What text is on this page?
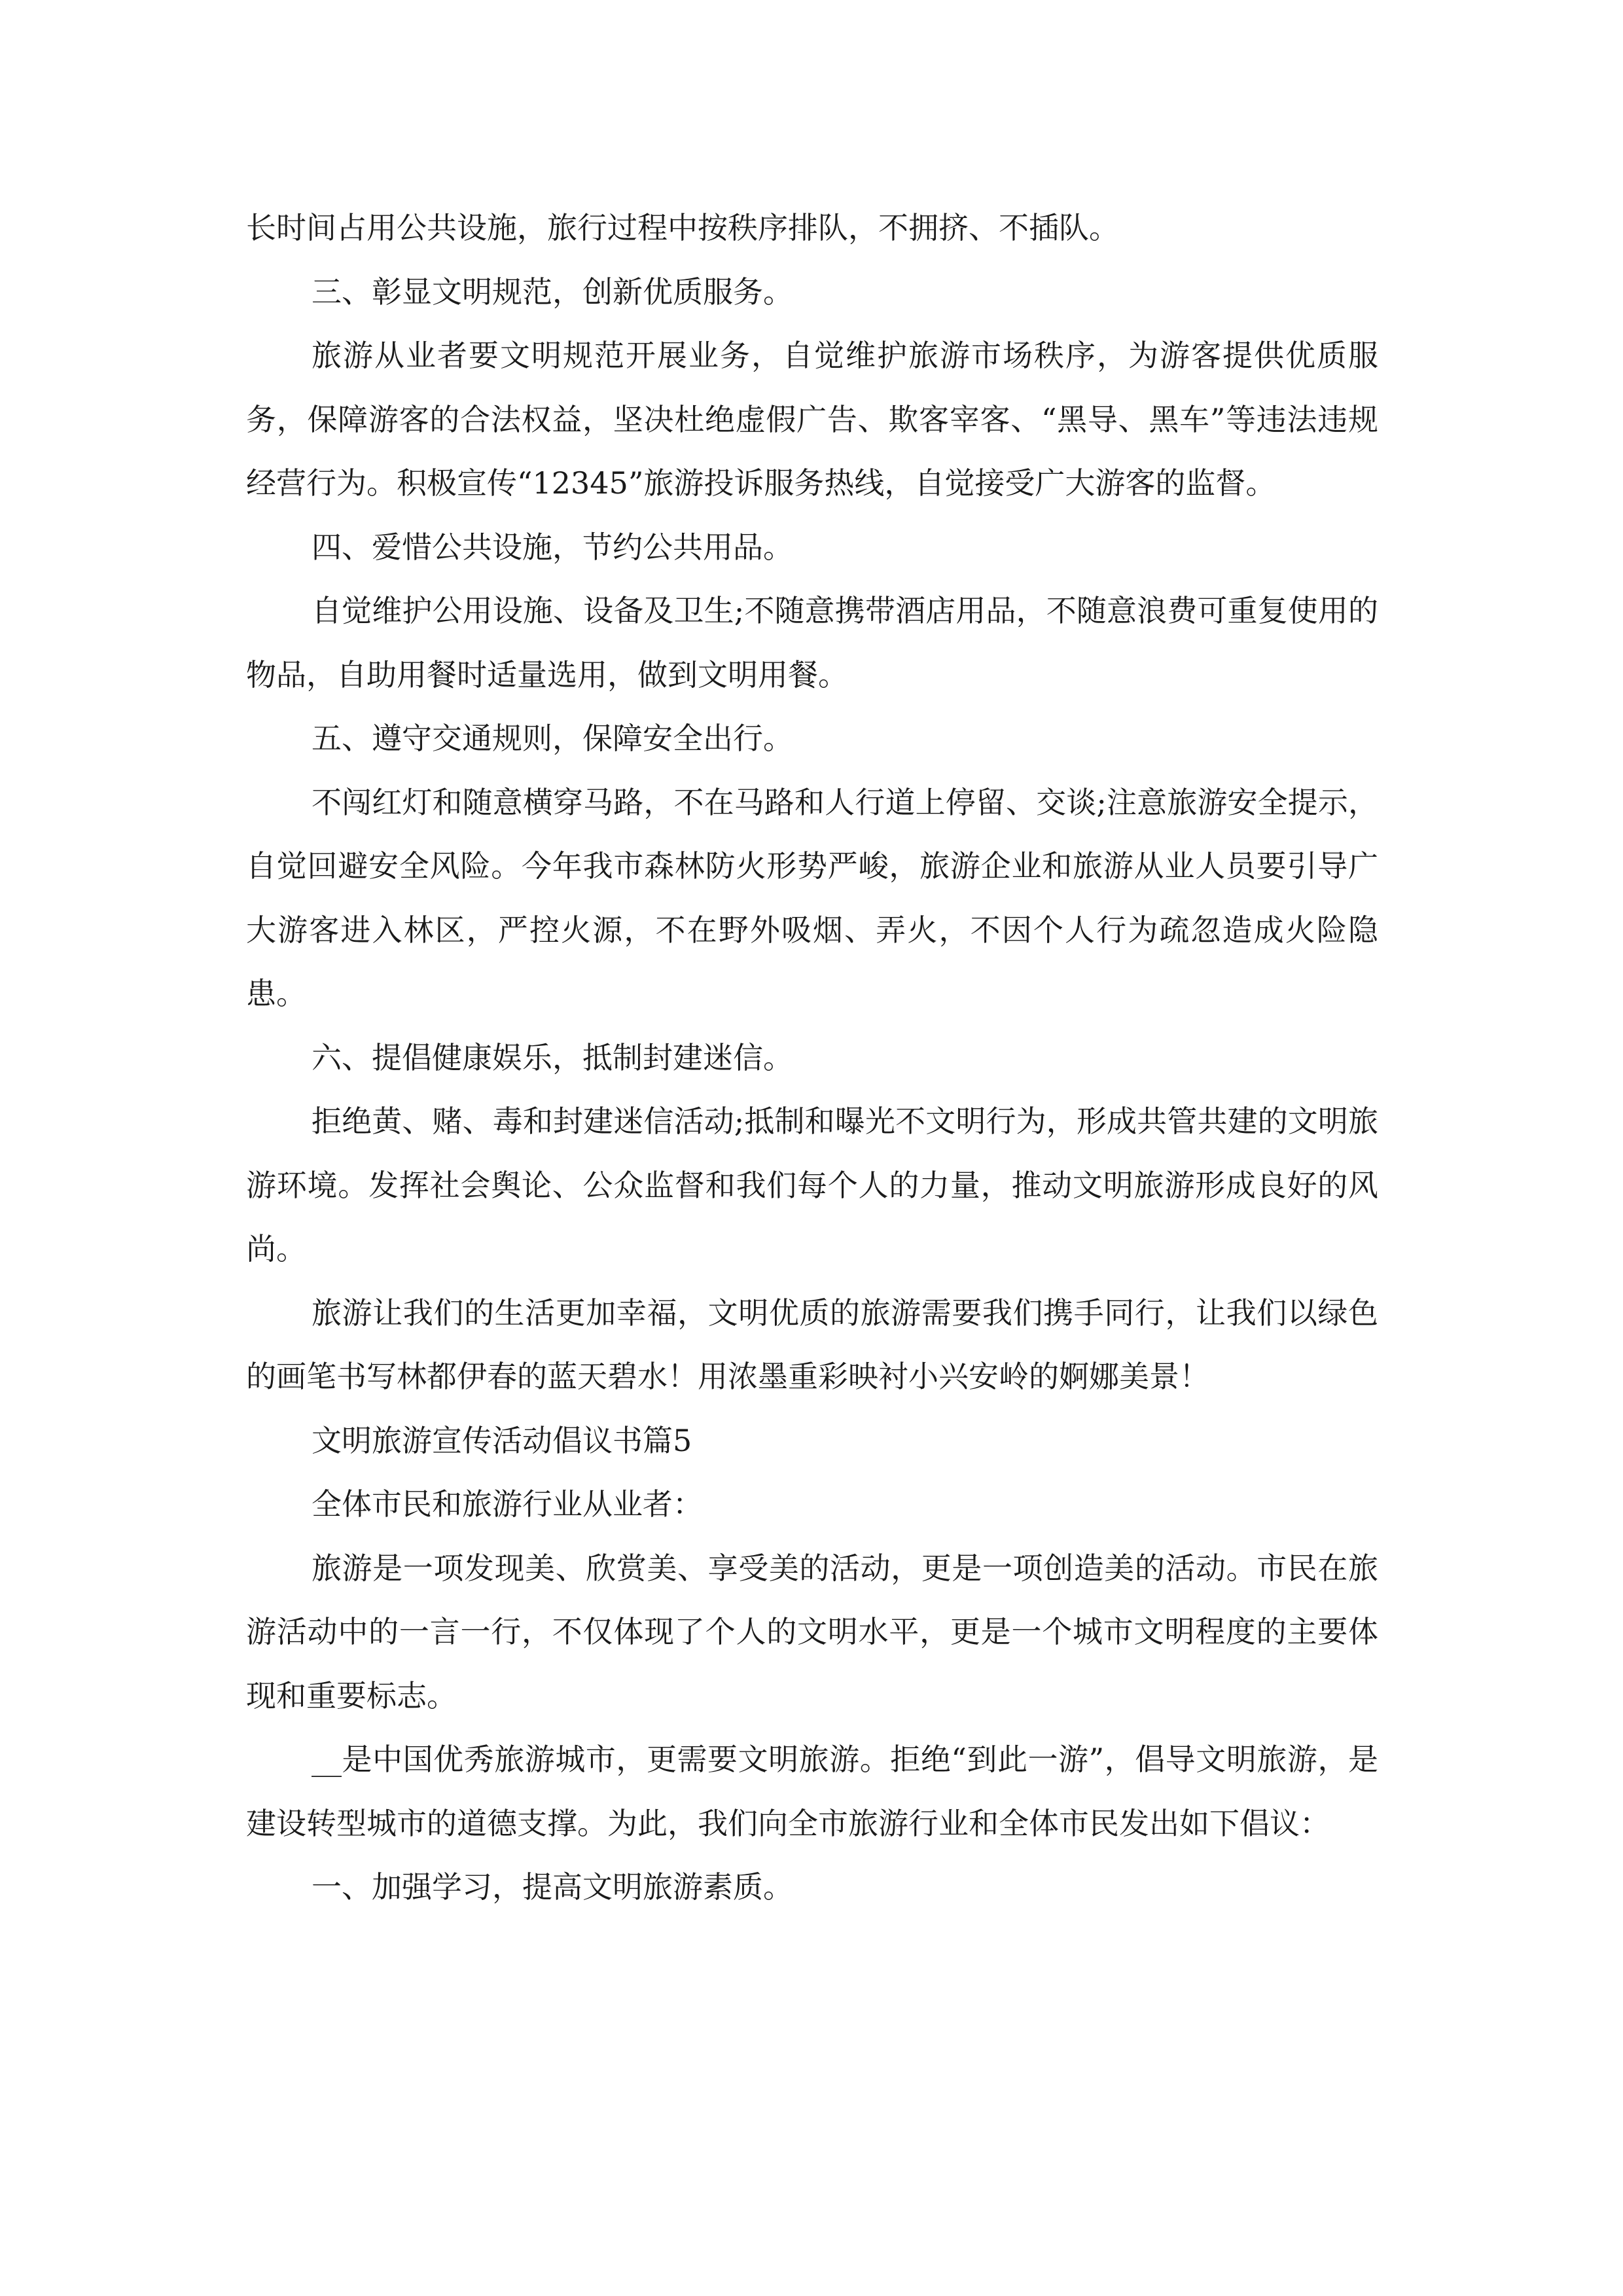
长时间占用公共设施，旅行过程中按秩序排队，不拥挤、不插队。

三、彰显文明规范，创新优质服务。

旅游从业者要文明规范开展业务，自觉维护旅游市场秩序，为游客提供优质服务，保障游客的合法权益，坚决杜绝虚假广告、欺客宰客、“黑导、黑车”等违法违规经营行为。积极宣传“12345”旅游投诉服务热线，自觉接受广大游客的监督。

四、爱惜公共设施，节约公共用品。

自觉维护公用设施、设备及卫生;不随意携带酒店用品，不随意浪费可重复使用的物品，自助用餐时适量选用，做到文明用餐。

五、遵守交通规则，保障安全出行。

不闯红灯和随意横穿马路，不在马路和人行道上停留、交谈;注意旅游安全提示，自觉回避安全风险。今年我市森林防火形势严峻，旅游企业和旅游从业人员要引导广大游客进入林区，严控火源，不在野外吸烟、弄火，不因个人行为疏忽造成火险隐患。

六、提倡健康娱乐，抵制封建迷信。

拒绝黄、赌、毒和封建迷信活动;抵制和曝光不文明行为，形成共管共建的文明旅游环境。发挥社会舆论、公众监督和我们每个人的力量，推动文明旅游形成良好的风尚。

旅游让我们的生活更加幸福，文明优质的旅游需要我们携手同行，让我们以绿色的画笔书写林都伊春的蓝天碧水！用浓墨重彩映衬小兴安岭的婀娜美景！

文明旅游宣传活动倡议书篇5

全体市民和旅游行业从业者：

旅游是一项发现美、欣赏美、享受美的活动，更是一项创造美的活动。市民在旅游活动中的一言一行，不仅体现了个人的文明水平，更是一个城市文明程度的主要体现和重要标志。

__是中国优秀旅游城市，更需要文明旅游。拒绝“到此一游”，倡导文明旅游，是建设转型城市的道德支撑。为此，我们向全市旅游行业和全体市民发出如下倡议：

一、加强学习，提高文明旅游素质。
